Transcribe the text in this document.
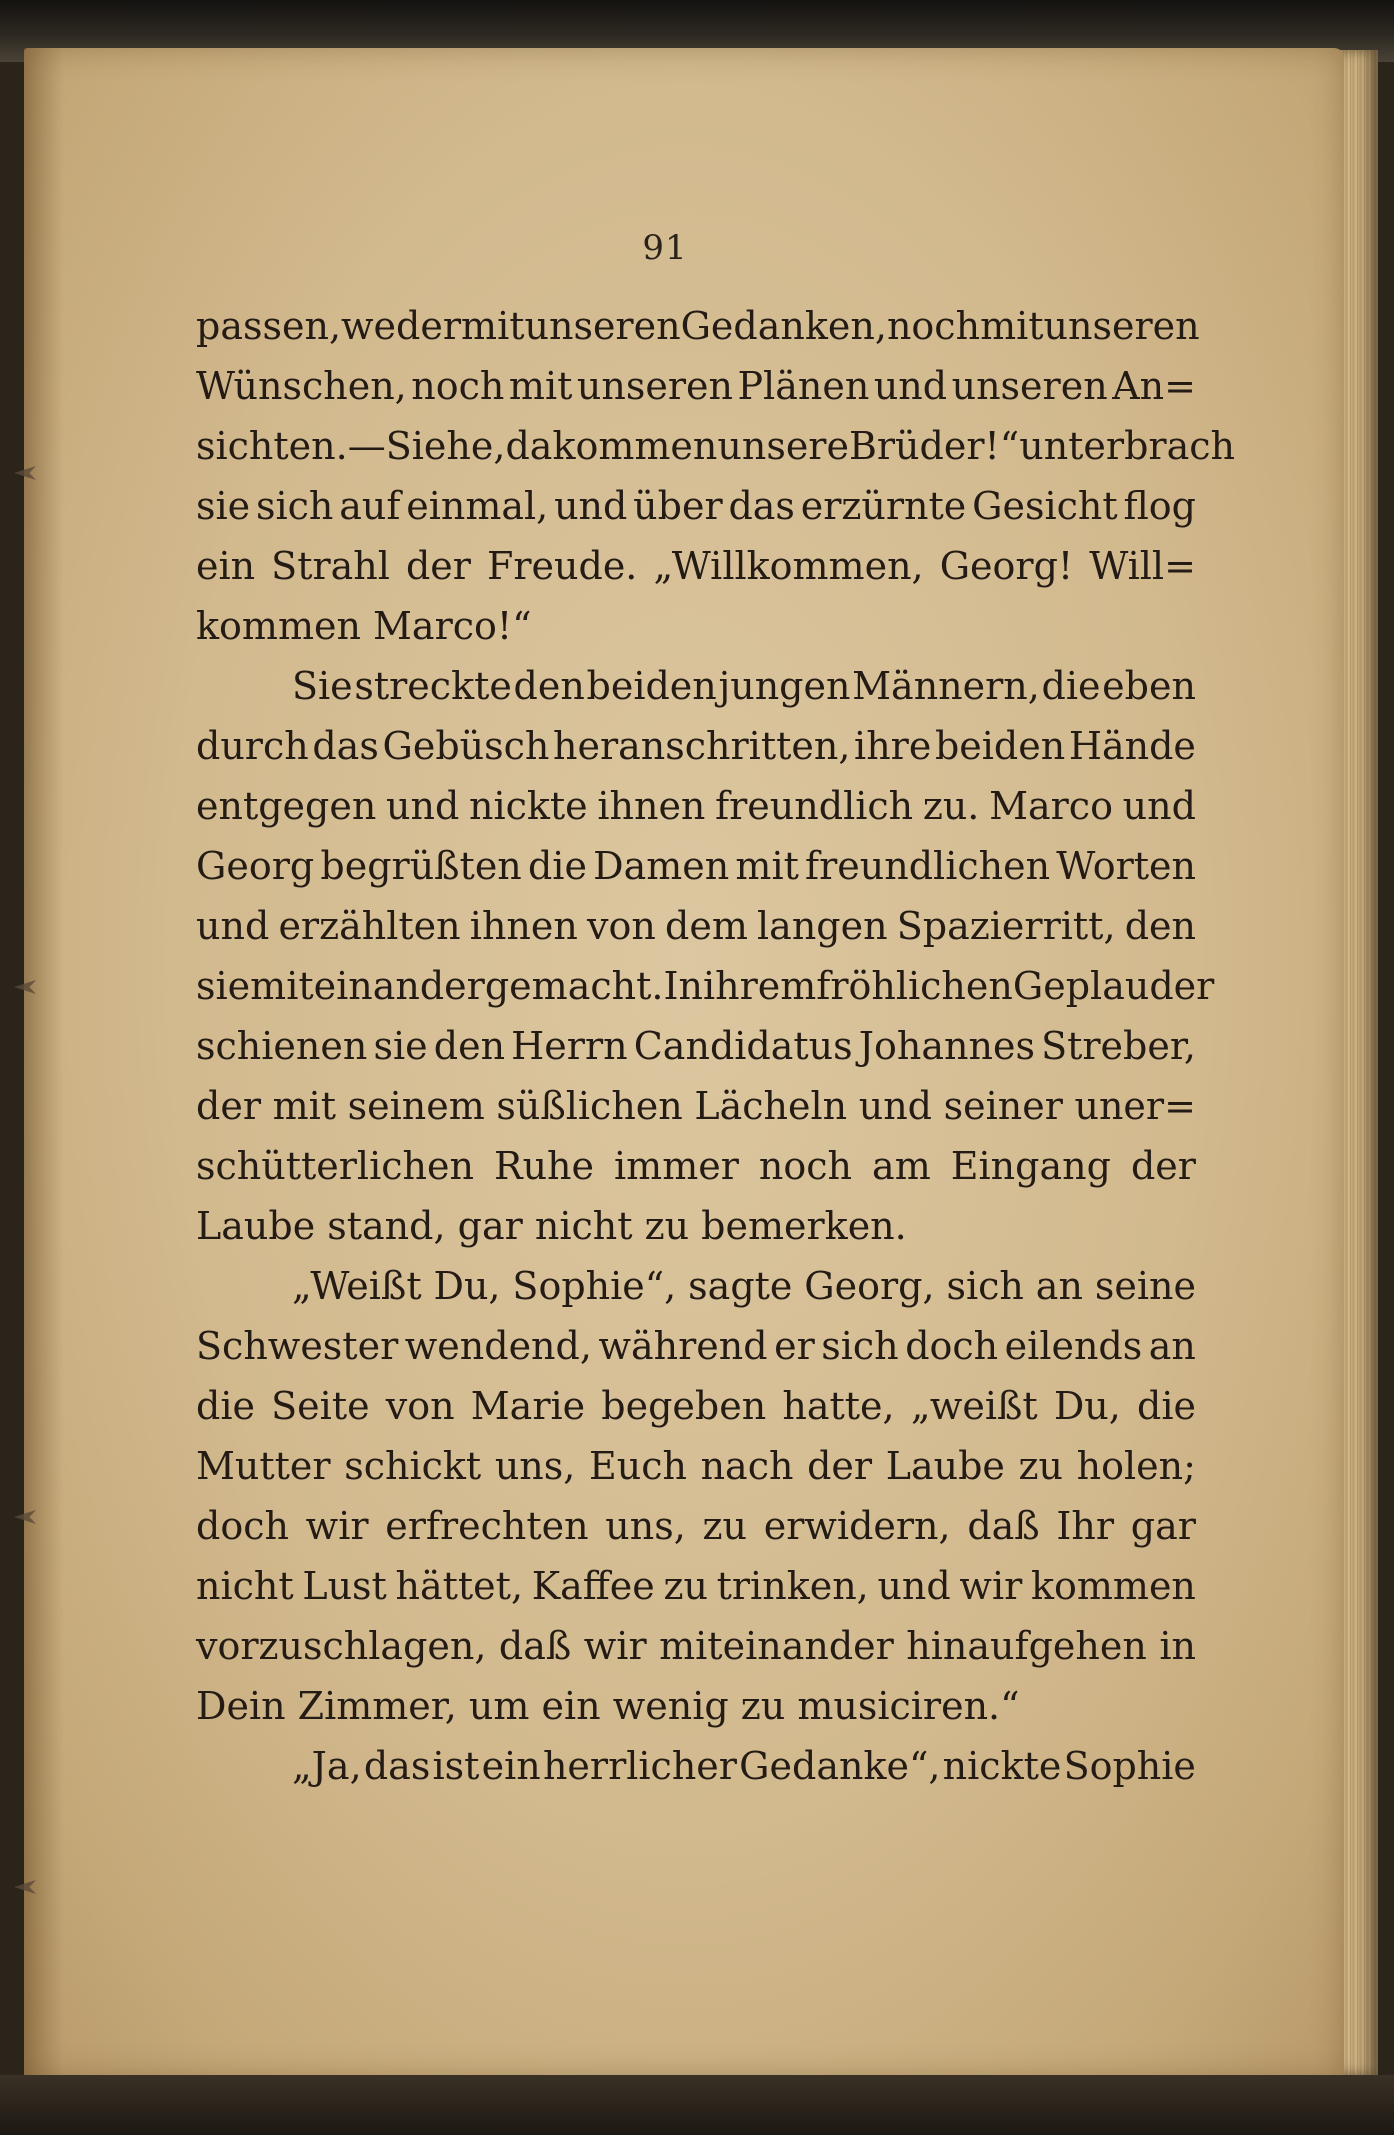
91
passen, weder mit unseren Gedanken, noch mit unseren
Wünschen, noch mit unseren Plänen und unseren An=
sichten. — Siehe, da kommen unsere Brüder!“ unterbrach
sie sich auf einmal, und über das erzürnte Gesicht flog
ein Strahl der Freude. „Willkommen, Georg! Will=
kommen Marco!“
Sie streckte den beiden jungen Männern, die eben
durch das Gebüsch heranschritten, ihre beiden Hände
entgegen und nickte ihnen freundlich zu. Marco und
Georg begrüßten die Damen mit freundlichen Worten
und erzählten ihnen von dem langen Spazierritt, den
sie miteinander gemacht. In ihrem fröhlichen Geplauder
schienen sie den Herrn Candidatus Johannes Streber,
der mit seinem süßlichen Lächeln und seiner uner=
schütterlichen Ruhe immer noch am Eingang der
Laube stand, gar nicht zu bemerken.
„Weißt Du, Sophie“, sagte Georg, sich an seine
Schwester wendend, während er sich doch eilends an
die Seite von Marie begeben hatte, „weißt Du, die
Mutter schickt uns, Euch nach der Laube zu holen;
doch wir erfrechten uns, zu erwidern, daß Ihr gar
nicht Lust hättet, Kaffee zu trinken, und wir kommen
vorzuschlagen, daß wir miteinander hinaufgehen in
Dein Zimmer, um ein wenig zu musiciren.“
„Ja, das ist ein herrlicher Gedanke“, nickte Sophie
